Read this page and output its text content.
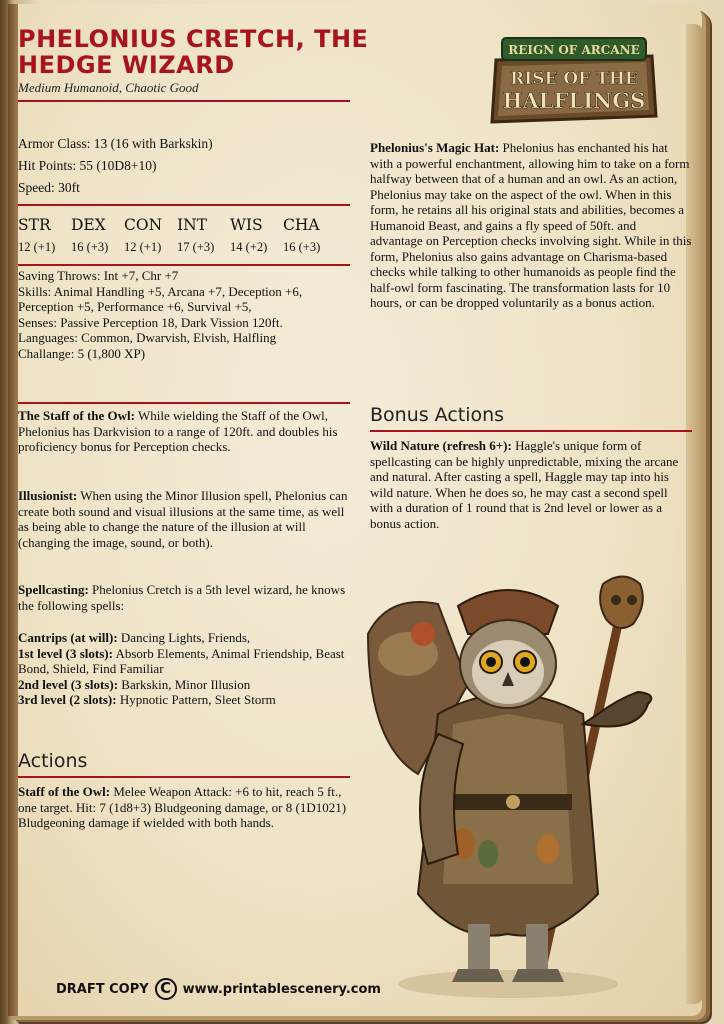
PHELONIUS CRETCH, THE HEDGE WIZARD
Medium Humanoid, Chaotic Good
Armor Class: 13 (16 with Barkskin)
Hit Points: 55 (10D8+10)
Speed: 30ft
STR	DEX	CON INT	WIS	CHA
12 (+1)	16 (+3)	12 (+1)	17 (+3)	14 (+2)	16 (+3)

Saving Throws: Int +7, Chr +7

Skills: Animal Handling +5, Arcana +7, Deception +6, Perception +5, Performance +6, Survival +5,

Senses: Passive Perception 18, Dark Vission 120ft.

Languages: Common, Dwarvish, Elvish, Halfling

Challange: 5 (1,800 XP)

The Staff of the Owl: While wielding the Staff of the Owl, Phelonius has Darkvision to a range of 120ft. and doubles his proficiency bonus for Perception checks.

Illusionist: When using the Minor Illusion spell, Phelonius can create both sound and visual illusions at the same time, as well as being able to change the nature of the illusion at will (changing the image, sound, or both).

Spellcasting: Phelonius Cretch is a 5th level wizard, he knows the following spells:

Cantrips (at will): Dancing Lights, Friends,

1st level (3 slots): Absorb Elements, Animal Friendship, Beast Bond, Shield, Find Familiar

2nd level (3 slots): Barkskin, Minor Illusion

3rd level (2 slots): Hypnotic Pattern, Sleet Storm

Actions

Staff of the Owl: Melee Weapon Attack: +6 to hit, reach 5 ft., one target. Hit: 7 (1d8+3) Bludgeoning damage, or 8 (1D1021) Bludgeoning damage if wielded with both hands.

Phelonius's Magic Hat: Phelonius has enchanted his hat with a powerful enchantment, allowing him to take on a form halfway between that of a human and an owl. As an action, Phelonius may take on the aspect of the owl. When in this form, he retains all his original stats and abilities, becomes a Humanoid Beast, and gains a fly speed of 50ft. and advantage on Perception checks involving sight. While in this form, Phelonius also gains advantage on Charisma-based checks while talking to other humanoids as people find the half-owl form fascinating. The transformation lasts for 10 hours, or can be dropped voluntarily as a bonus action.

Bonus Actions

Wild Nature (refresh 6+): Haggle's unique form of spellcasting can be highly unpredictable, mixing the arcane and natural. After casting a spell, Haggle may tap into his wild nature. When he does so, he may cast a second spell with a duration of 1 round that is 2nd level or lower as a bonus action.

REIGN OF ARCANE
RISE OF THE
HALFLINGS
DRAFT COPY C www.printablescenery.com
